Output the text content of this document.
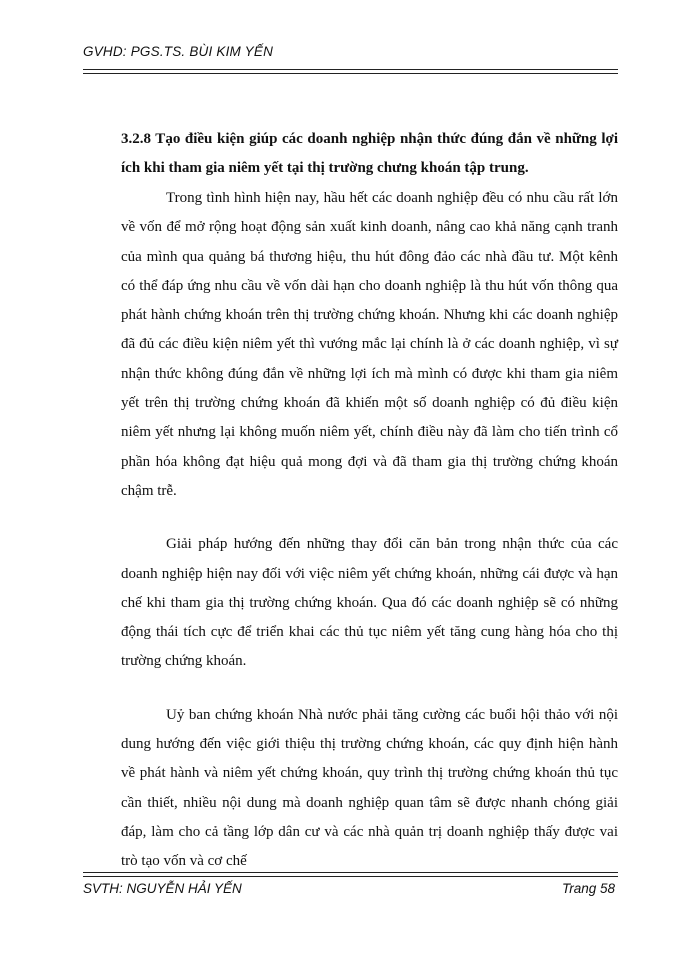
GVHD: PGS.TS. BÙI KIM YẾN

3.2.8 Tạo điều kiện giúp các doanh nghiệp nhận thức đúng đắn về những lợi ích khi tham gia niêm yết tại thị trường chưng khoán tập trung.

Trong tình hình hiện nay, hầu hết các doanh nghiệp đều có nhu cầu rất lớn về vốn để mở rộng hoạt động sản xuất kinh doanh, nâng cao khả năng cạnh tranh của mình qua quảng bá thương hiệu, thu hút đông đảo các nhà đầu tư. Một kênh có thể đáp ứng nhu cầu về vốn dài hạn cho doanh nghiệp là thu hút vốn thông qua phát hành chứng khoán trên thị trường chứng khoán. Nhưng khi các doanh nghiệp đã đủ các điều kiện niêm yết thì vướng mắc lại chính là ở các doanh nghiệp, vì sự nhận thức không đúng đắn về những lợi ích mà mình có được khi tham gia niêm yết trên thị trường chứng khoán đã khiến một số doanh nghiệp có đủ điều kiện niêm yết nhưng lại không muốn niêm yết, chính điều này đã làm cho tiến trình cổ phần hóa không đạt hiệu quả mong đợi và đã tham gia thị trường chứng khoán chậm trễ.

Giải pháp hướng đến những thay đổi căn bản trong nhận thức của các doanh nghiệp hiện nay đối với việc niêm yết chứng khoán, những cái được và hạn chế khi tham gia thị trường chứng khoán. Qua đó các doanh nghiệp sẽ có những động thái tích cực để triển khai các thủ tục niêm yết tăng cung hàng hóa cho thị trường chứng khoán.

Uỷ ban chứng khoán Nhà nước phải tăng cường các buổi hội thảo với nội dung hướng đến việc giới thiệu thị trường chứng khoán, các quy định hiện hành về phát hành và niêm yết chứng khoán, quy trình thị trường chứng khoán thủ tục cần thiết, nhiều nội dung mà doanh nghiệp quan tâm sẽ được nhanh chóng giải đáp, làm cho cả tầng lớp dân cư và các nhà quản trị doanh nghiệp thấy được vai trò tạo vốn và cơ chế

SVTH: NGUYỄN HẢI YẾN	Trang 58
